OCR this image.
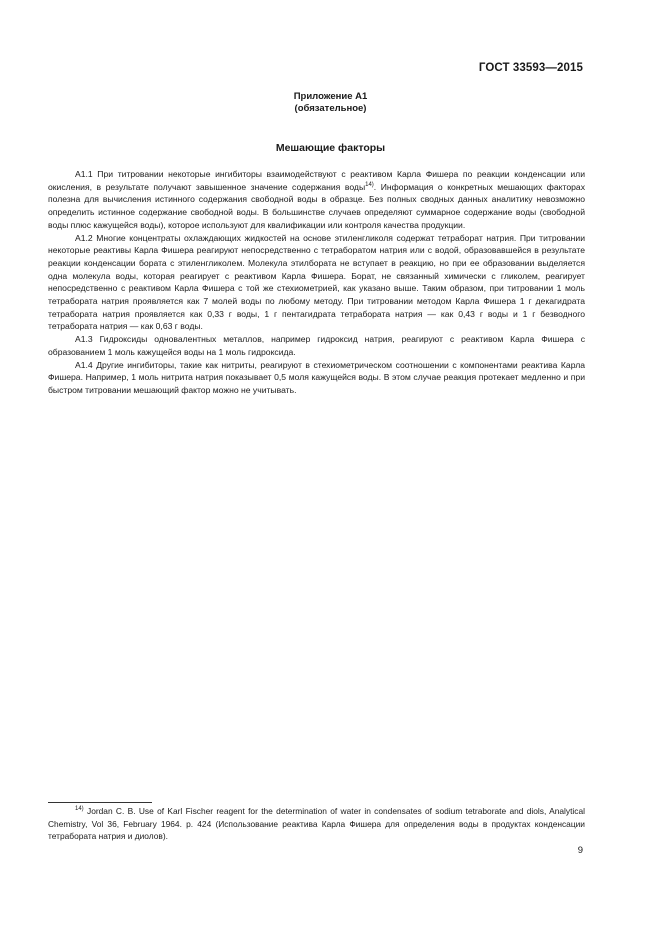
ГОСТ 33593—2015
Приложение А1
(обязательное)
Мешающие факторы

А1.1 При титровании некоторые ингибиторы взаимодействуют с реактивом Карла Фишера по реакции конденсации или окисления, в результате получают завышенное значение содержания воды$^{14)}$. Информация о конкретных мешающих факторах полезна для вычисления истинного содержания свободной воды в образце. Без полных сводных данных аналитику невозможно определить истинное содержание свободной воды. В большинстве случаев определяют суммарное содержание воды (свободной воды плюс кажущейся воды), которое используют для квалификации или контроля качества продукции.

А1.2 Многие концентраты охлаждающих жидкостей на основе этиленгликоля содержат тетраборат натрия. При титровании некоторые реактивы Карла Фишера реагируют непосредственно с тетраборатом натрия или с водой, образовавшейся в результате реакции конденсации бората с этиленгликолем. Молекула этилбората не вступает в реакцию, но при ее образовании выделяется одна молекула воды, которая реагирует с реактивом Карла Фишера. Борат, не связанный химически с гликолем, реагирует непосредственно с реактивом Карла Фишера с той же стехиометрией, как указано выше. Таким образом, при титровании 1 моль тетрабората натрия проявляется как 7 молей воды по любому методу. При титровании методом Карла Фишера 1 г декагидрата тетрабората натрия проявляется как 0,33 г воды, 1 г пентагидрата тетрабората натрия — как 0,43 г воды и 1 г безводного тетрабората натрия — как 0,63 г воды.

А1.3 Гидроксиды одновалентных металлов, например гидроксид натрия, реагируют с реактивом Карла Фишера с образованием 1 моль кажущейся воды на 1 моль гидроксида.

А1.4 Другие ингибиторы, такие как нитриты, реагируют в стехиометрическом соотношении с компонентами реактива Карла Фишера. Например, 1 моль нитрита натрия показывает 0,5 моля кажущейся воды. В этом случае реакция протекает медленно и при быстром титровании мешающий фактор можно не учитывать.

$^{14)}$ Jordan C. B. Use of Karl Fischer reagent for the determination of water in condensates of sodium tetraborate and diols, Analytical Chemistry, Vol 36, February 1964. p. 424 (Использование реактива Карла Фишера для определения воды в продуктах конденсации тетрабората натрия и диолов).

9
